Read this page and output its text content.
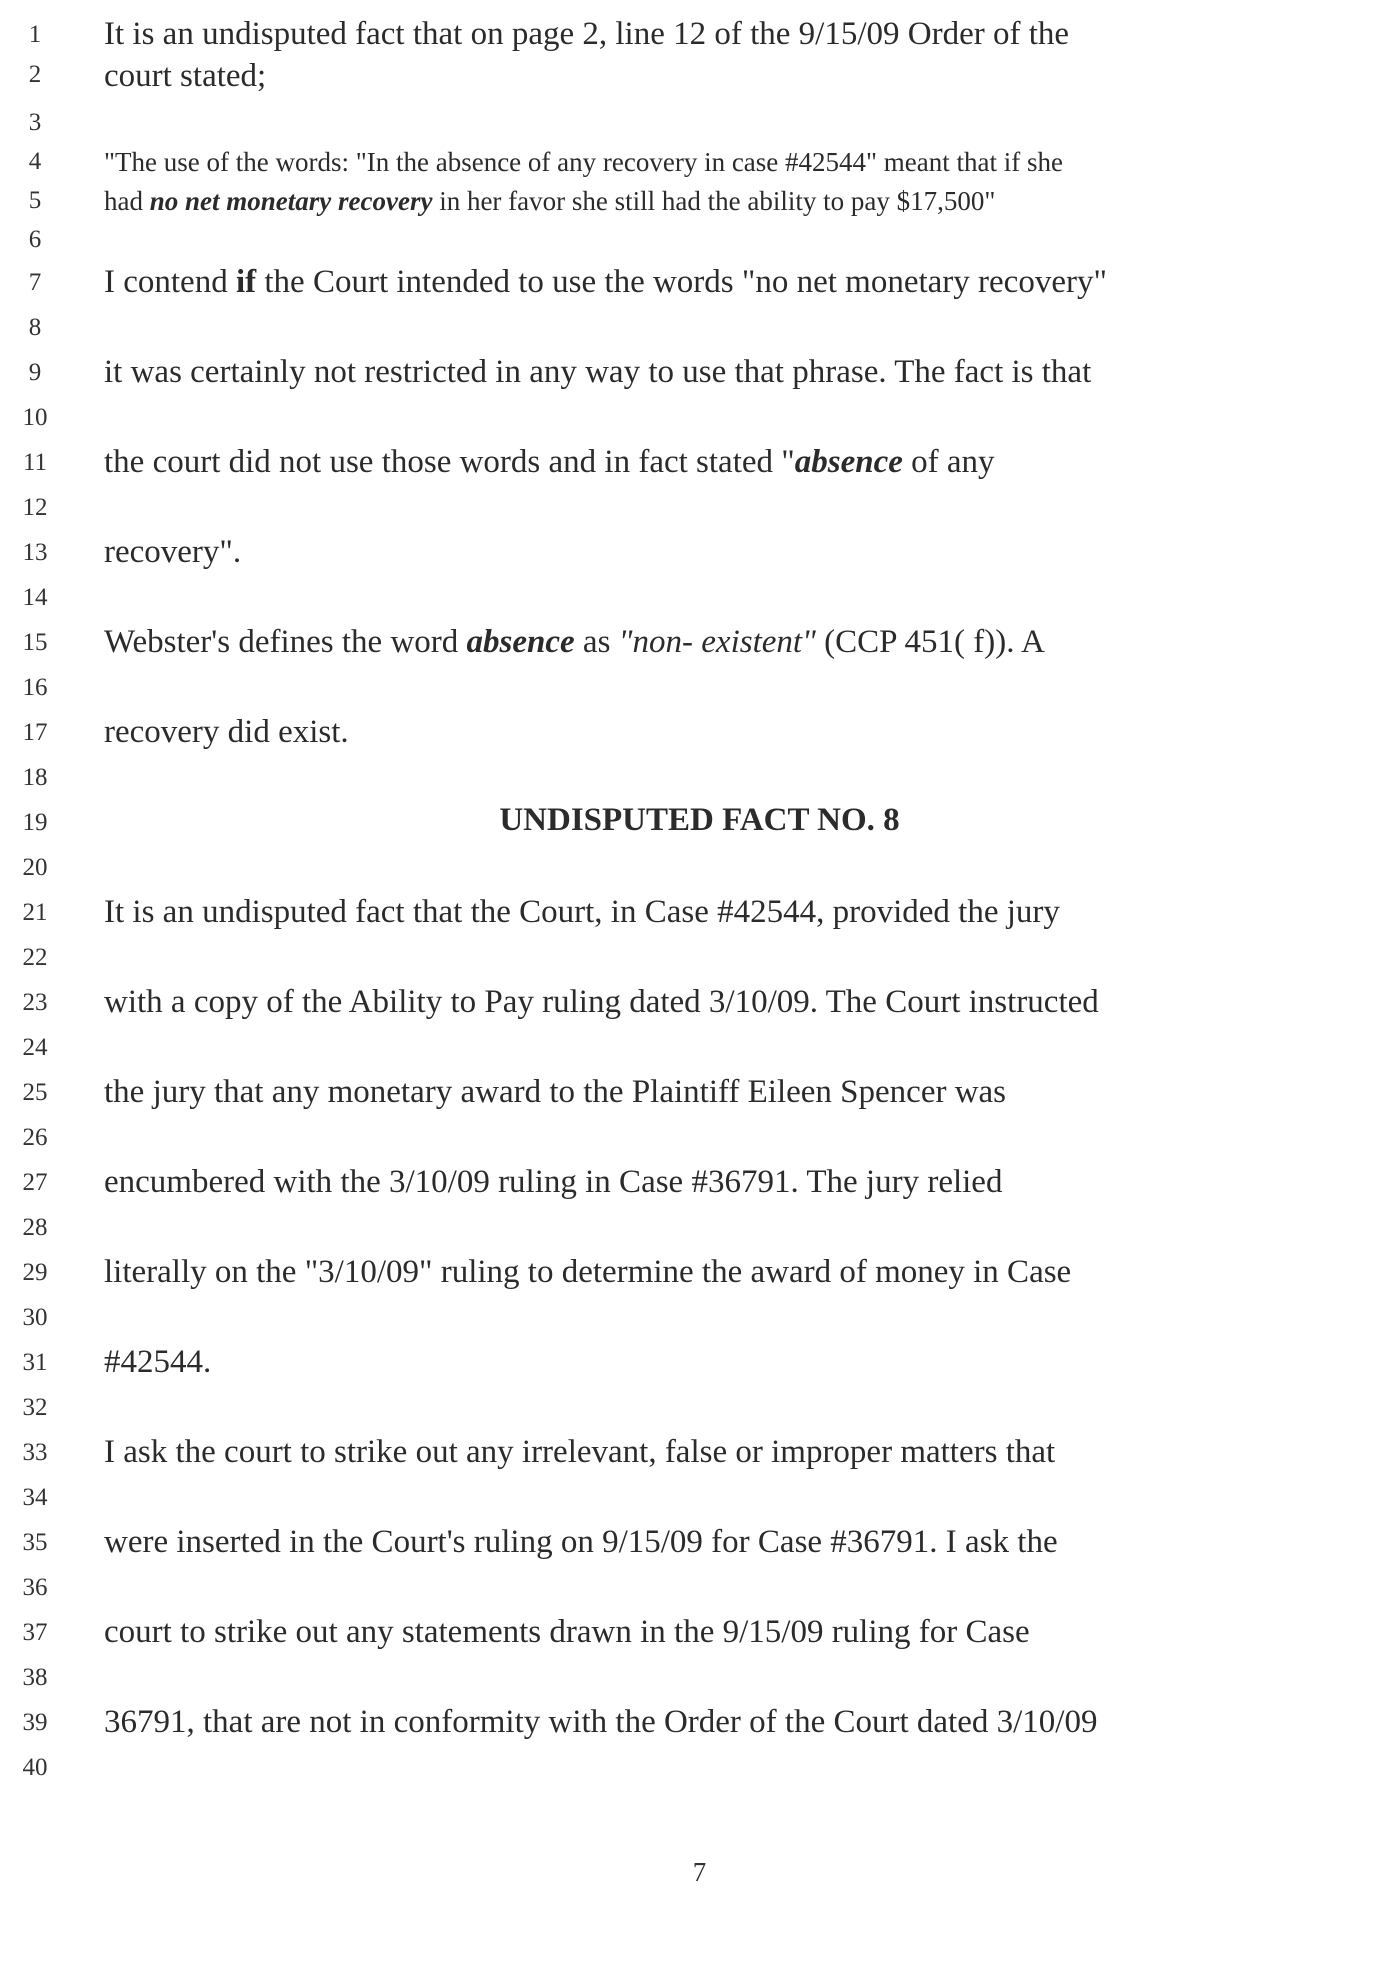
1
2
3
4
5
6
7
8
9
10
11
12
13
14
15
16
17
18
19
20
21
22
23
24
25
26
27
28
29
30
31
32
33
34
35
36
37
38
39
40
It is an undisputed fact that on page 2, line 12 of the 9/15/09 Order of the
court stated;
"The use of the words: "In the absence of any recovery in case #42544" meant that if she
had no net monetary recovery in her favor she still had the ability to pay $17,500"
I contend if the Court intended to use the words "no net monetary recovery"
it was certainly not restricted in any way to use that phrase. The fact is that
the court did not use those words and in fact stated "absence of any
recovery".
Webster's defines the word absence as "non- existent" (CCP 451( f)). A
recovery did exist.
UNDISPUTED FACT NO. 8
It is an undisputed fact that the Court, in Case #42544, provided the jury
with a copy of the Ability to Pay ruling dated 3/10/09. The Court instructed
the jury that any monetary award to the Plaintiff Eileen Spencer was
encumbered with the 3/10/09 ruling in Case #36791. The jury relied
literally on the "3/10/09" ruling to determine the award of money in Case
#42544.
I ask the court to strike out any irrelevant, false or improper matters that
were inserted in the Court's ruling on 9/15/09 for Case #36791. I ask the
court to strike out any statements drawn in the 9/15/09 ruling for Case
36791, that are not in conformity with the Order of the Court dated 3/10/09
7
